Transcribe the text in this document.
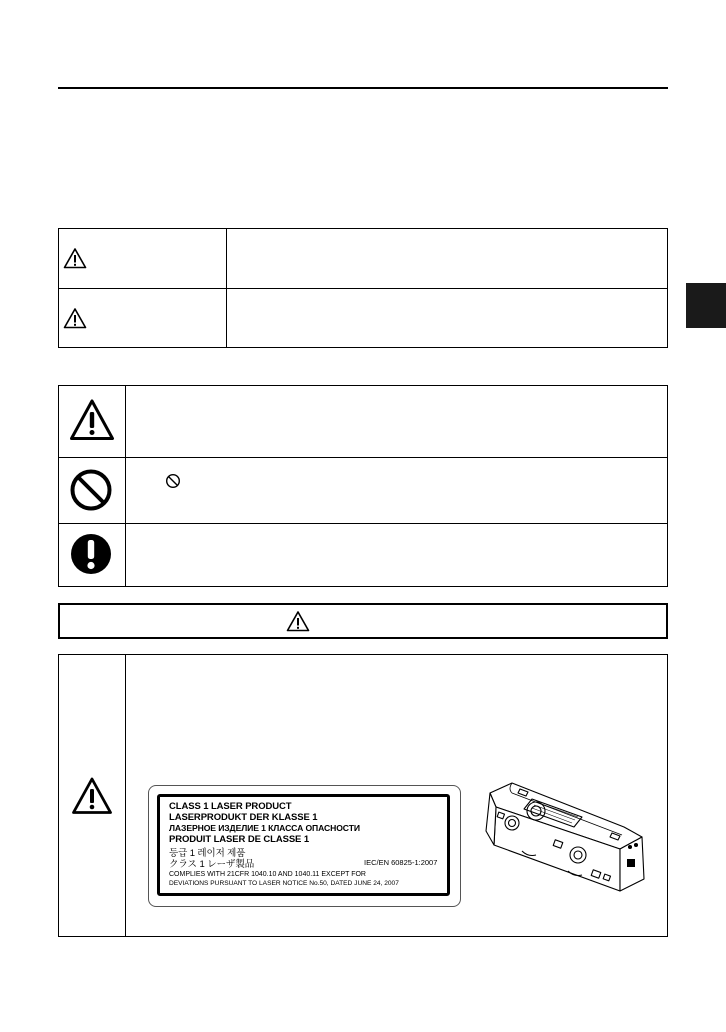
CLASS 1 LASER PRODUCT
LASERPRODUKT DER KLASSE 1
ЛАЗЕРНОЕ ИЗДЕЛИЕ 1 КЛАССА ОПАСНОСТИ
PRODUIT LASER DE CLASSE 1
등급 1 레이저 제품
クラス 1 レーザ製品	IEC/EN 60825-1:2007
COMPLIES WITH 21CFR 1040.10 AND 1040.11 EXCEPT FOR
DEVIATIONS PURSUANT TO LASER NOTICE No.50, DATED JUNE 24, 2007
